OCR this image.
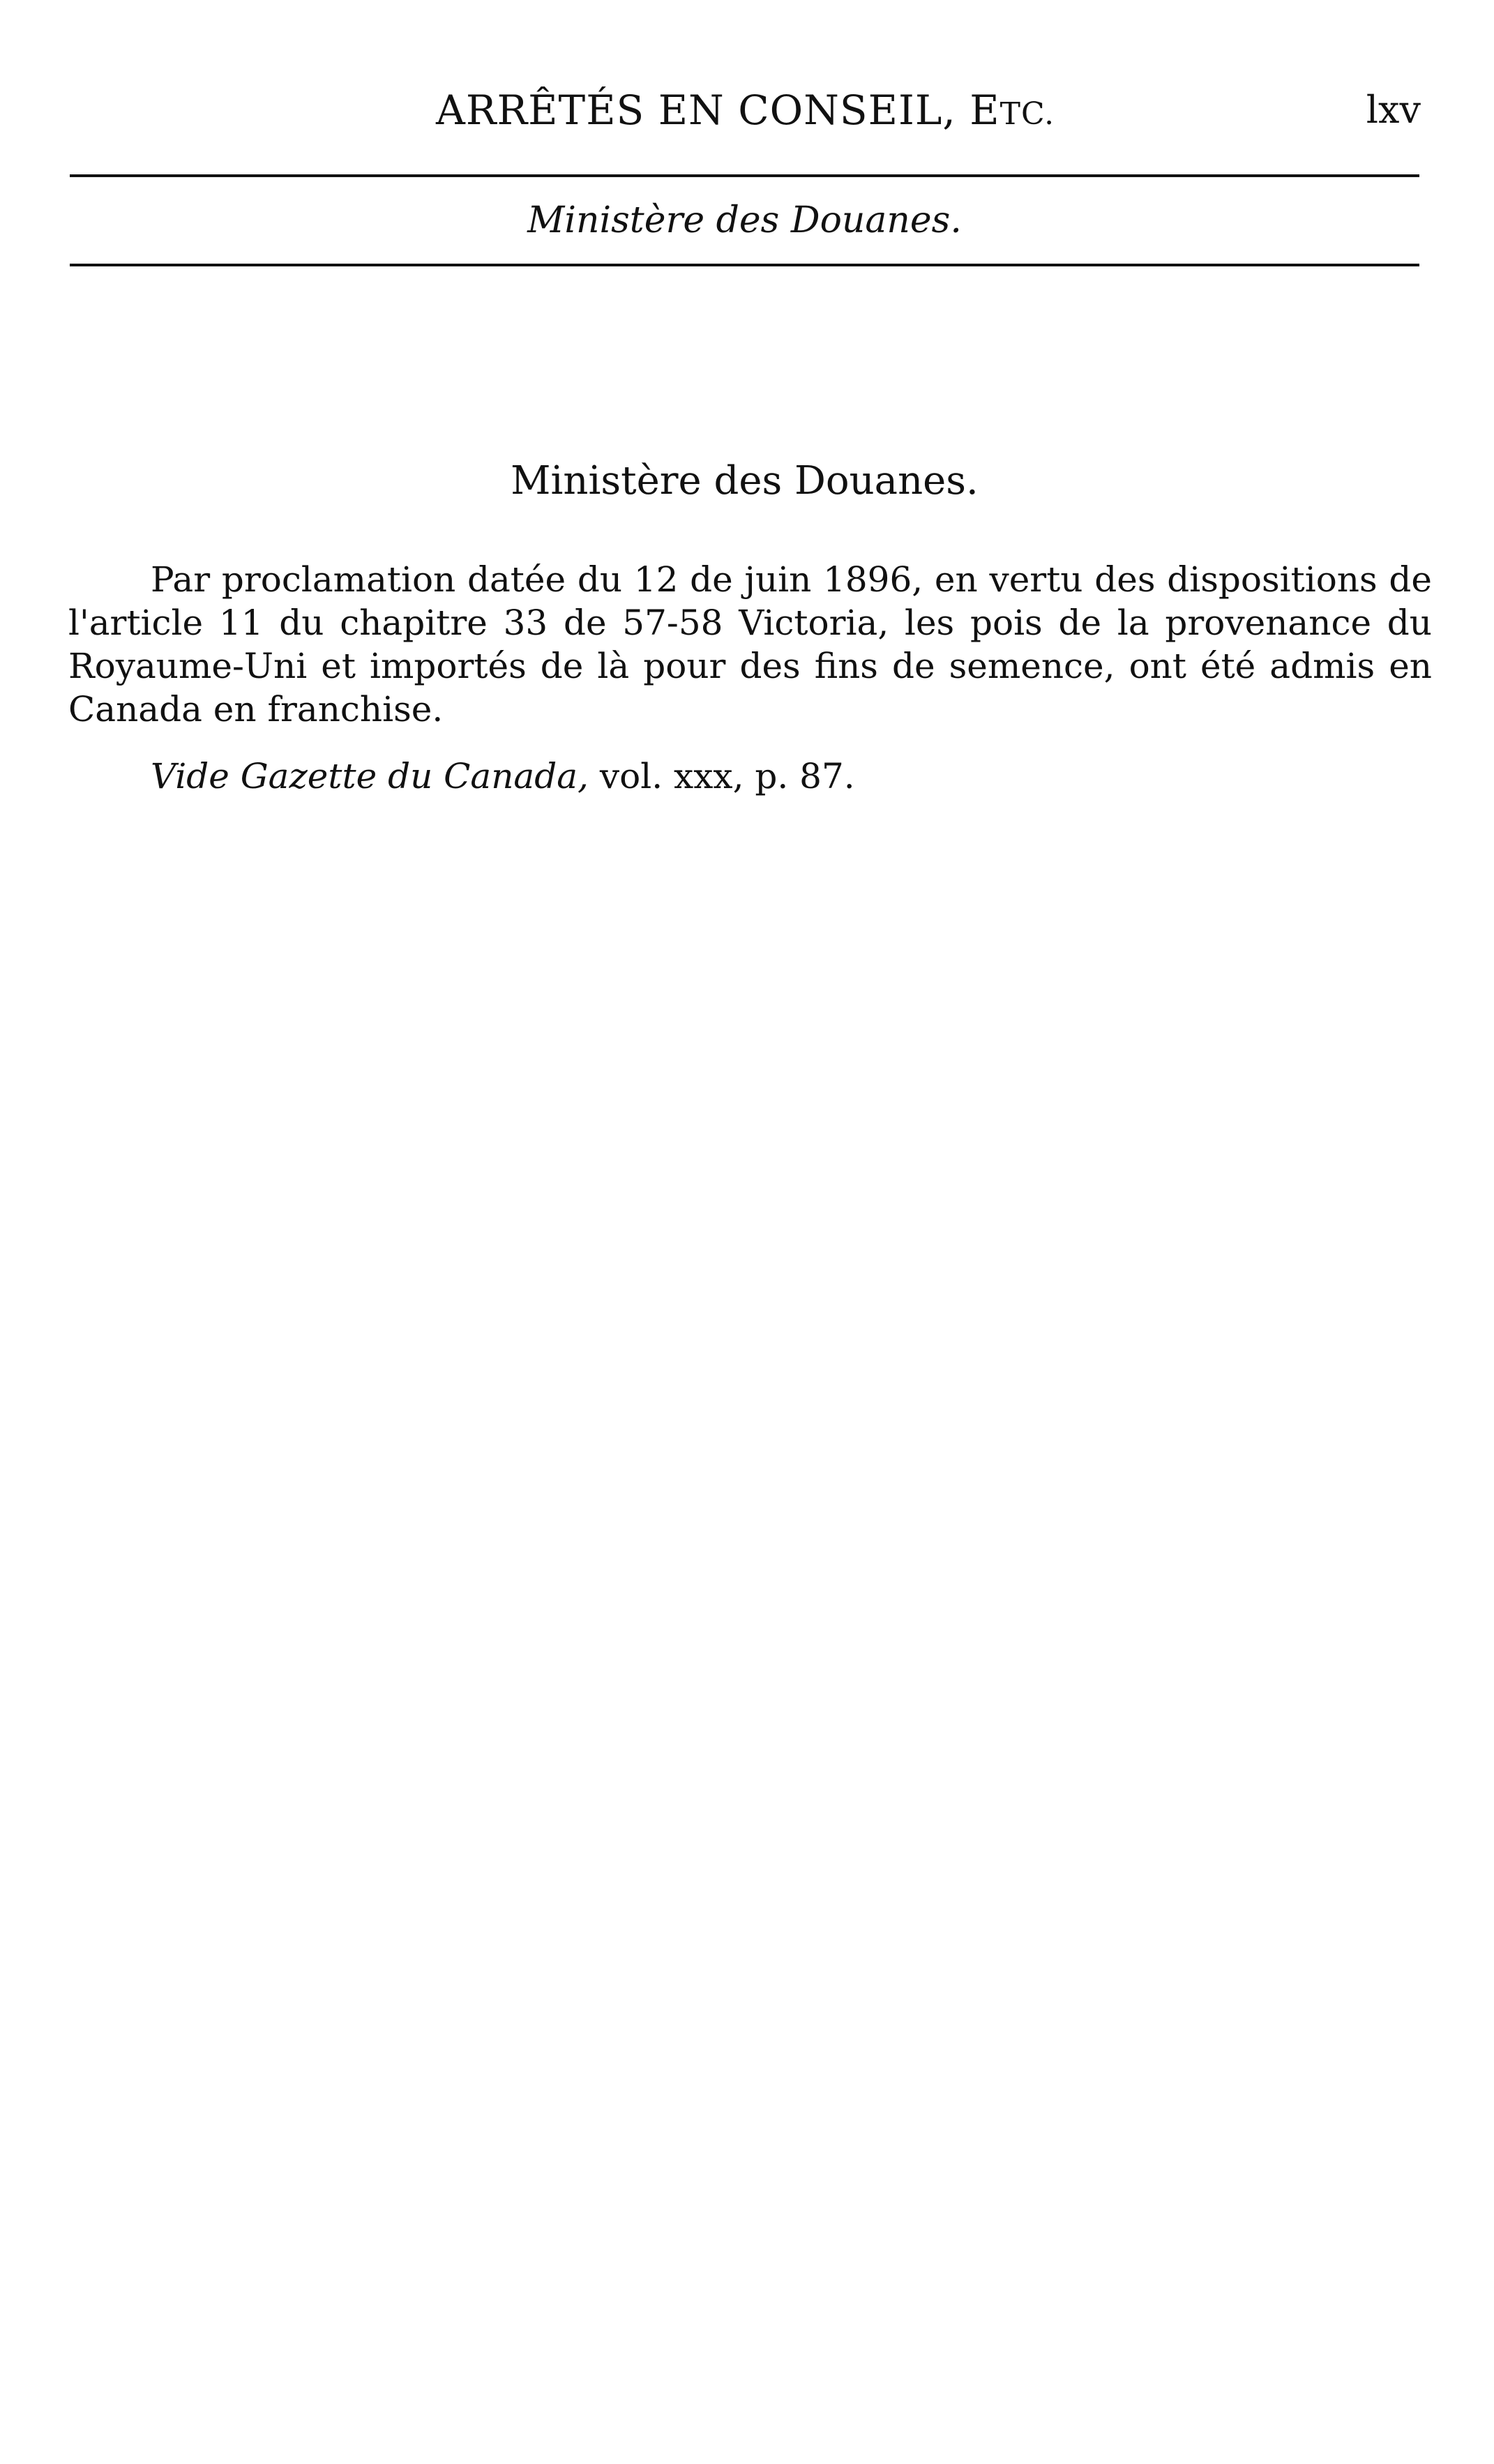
ARRÊTÉS EN CONSEIL, ETC.	lxv
Ministère des Douanes.
Ministère des Douanes.

Par proclamation datée du 12 de juin 1896, en vertu des dispositions de l'article 11 du chapitre 33 de 57-58 Victoria, les pois de la provenance du Royaume-Uni et importés de là pour des fins de semence, ont été admis en Canada en franchise.

Vide Gazette du Canada, vol. xxx, p. 87.
